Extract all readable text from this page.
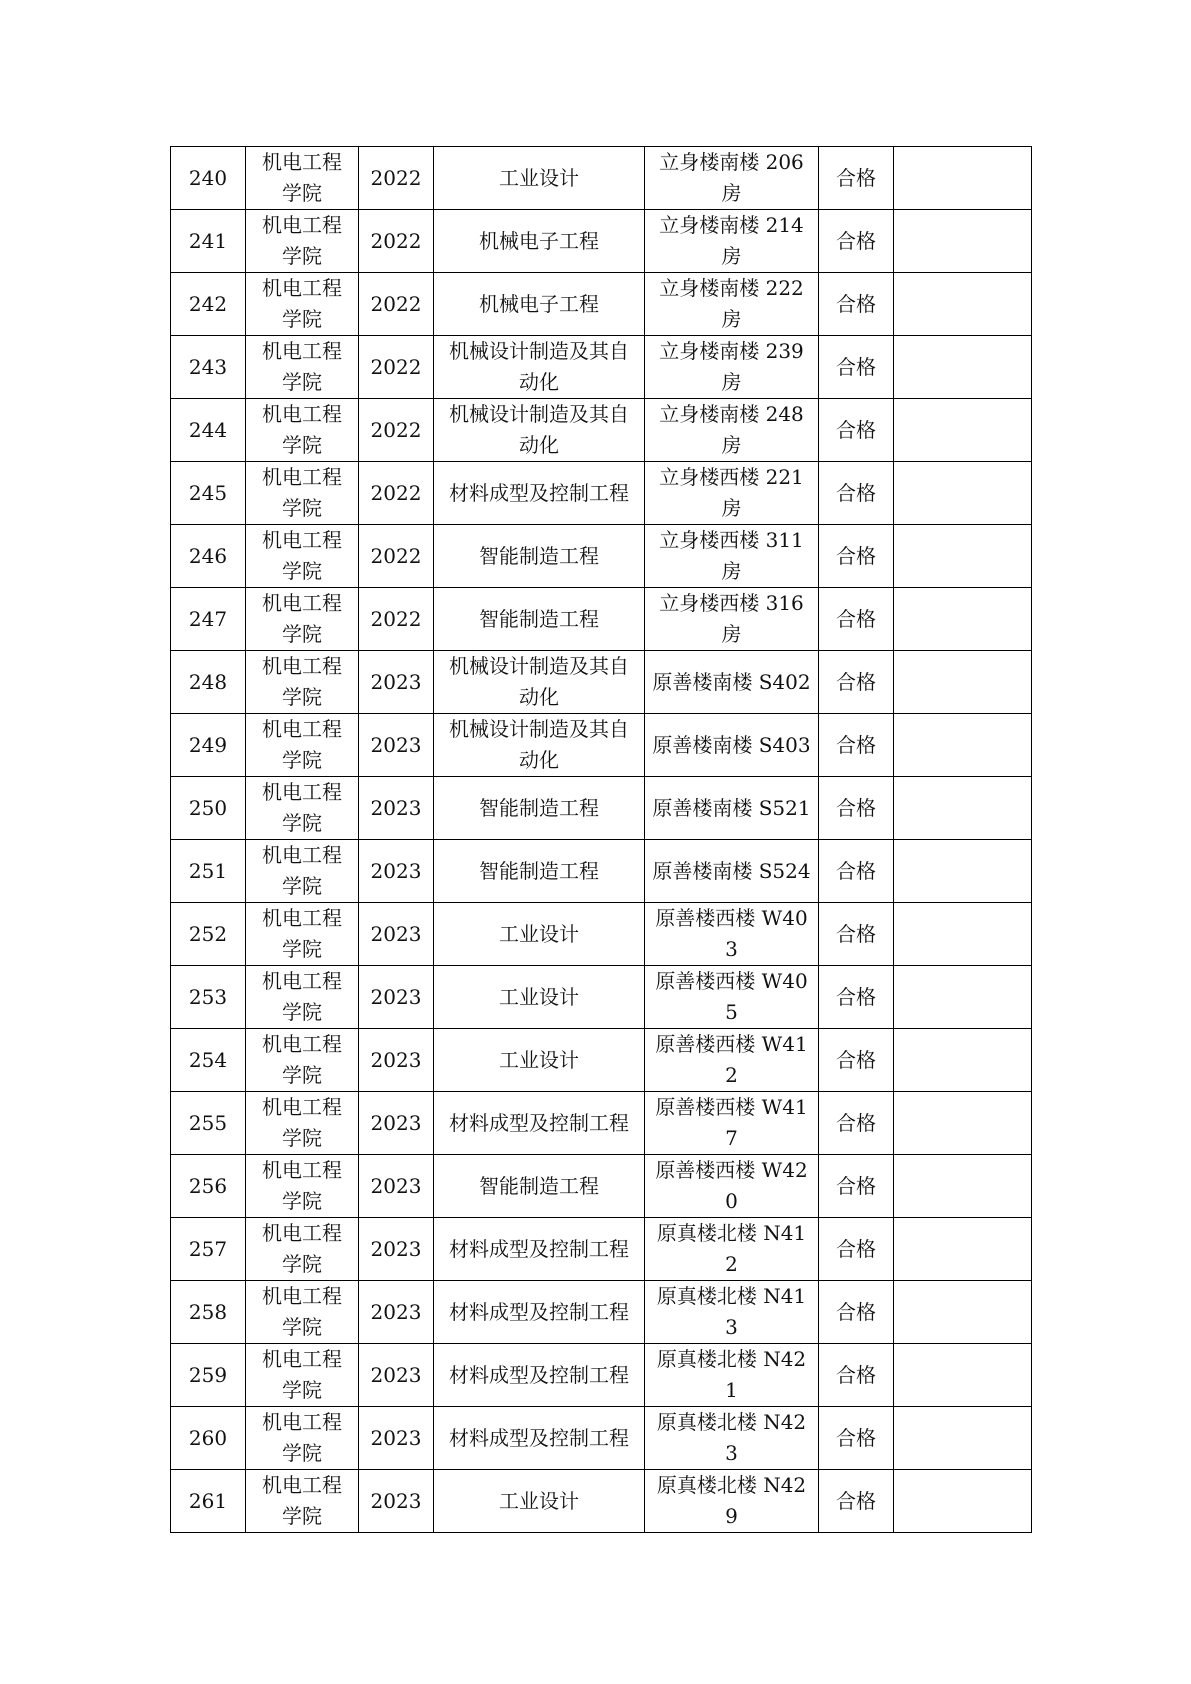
240	机电工程学院	2022	工业设计	立身楼南楼 206 房	合格	
241	机电工程学院	2022	机械电子工程	立身楼南楼 214 房	合格	
242	机电工程学院	2022	机械电子工程	立身楼南楼 222 房	合格	
243	机电工程学院	2022	机械设计制造及其自动化	立身楼南楼 239 房	合格	
244	机电工程学院	2022	机械设计制造及其自动化	立身楼南楼 248 房	合格	
245	机电工程学院	2022	材料成型及控制工程	立身楼西楼 221 房	合格	
246	机电工程学院	2022	智能制造工程	立身楼西楼 311 房	合格	
247	机电工程学院	2022	智能制造工程	立身楼西楼 316 房	合格	
248	机电工程学院	2023	机械设计制造及其自动化	原善楼南楼 S402	合格	
249	机电工程学院	2023	机械设计制造及其自动化	原善楼南楼 S403	合格	
250	机电工程学院	2023	智能制造工程	原善楼南楼 S521	合格	
251	机电工程学院	2023	智能制造工程	原善楼南楼 S524	合格	
252	机电工程学院	2023	工业设计	原善楼西楼 W403	合格	
253	机电工程学院	2023	工业设计	原善楼西楼 W405	合格	
254	机电工程学院	2023	工业设计	原善楼西楼 W412	合格	
255	机电工程学院	2023	材料成型及控制工程	原善楼西楼 W417	合格	
256	机电工程学院	2023	智能制造工程	原善楼西楼 W420	合格	
257	机电工程学院	2023	材料成型及控制工程	原真楼北楼 N412	合格	
258	机电工程学院	2023	材料成型及控制工程	原真楼北楼 N413	合格	
259	机电工程学院	2023	材料成型及控制工程	原真楼北楼 N421	合格	
260	机电工程学院	2023	材料成型及控制工程	原真楼北楼 N423	合格	
261	机电工程学院	2023	工业设计	原真楼北楼 N429	合格	
